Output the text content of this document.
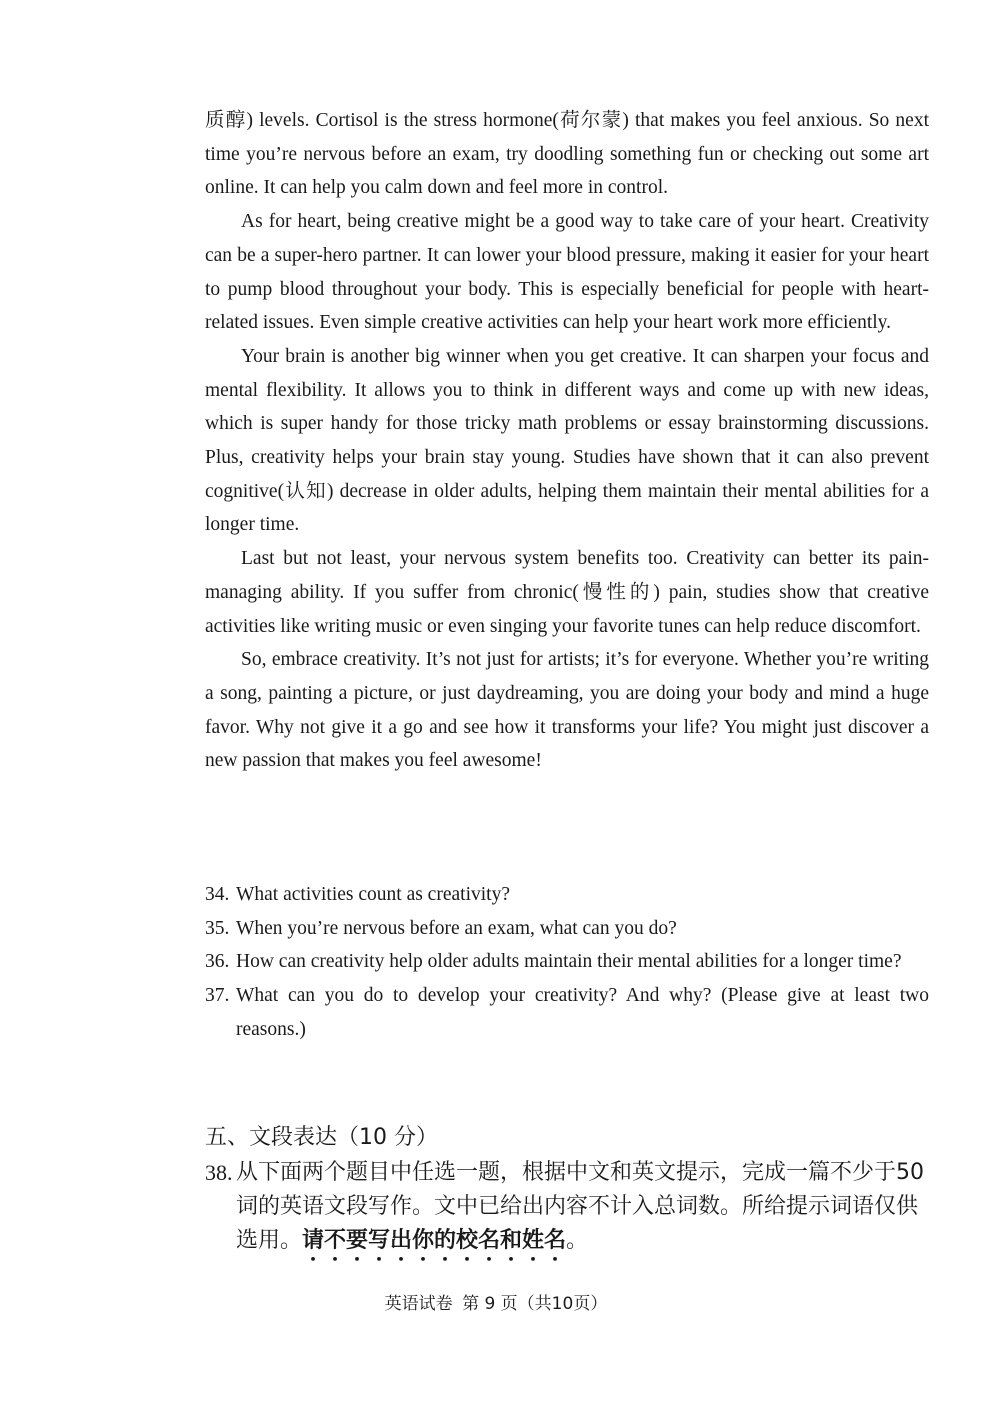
质醇) levels. Cortisol is the stress hormone(荷尔蒙) that makes you feel anxious. So next time you’re nervous before an exam, try doodling something fun or checking out some art online. It can help you calm down and feel more in control.

As for heart, being creative might be a good way to take care of your heart. Creativity can be a super-hero partner. It can lower your blood pressure, making it easier for your heart to pump blood throughout your body. This is especially beneficial for people with heart-related issues. Even simple creative activities can help your heart work more efficiently.

Your brain is another big winner when you get creative. It can sharpen your focus and mental flexibility. It allows you to think in different ways and come up with new ideas, which is super handy for those tricky math problems or essay brainstorming discussions. Plus, creativity helps your brain stay young. Studies have shown that it can also prevent cognitive(认知) decrease in older adults, helping them maintain their mental abilities for a longer time.

Last but not least, your nervous system benefits too. Creativity can better its pain-managing ability. If you suffer from chronic(慢性的) pain, studies show that creative activities like writing music or even singing your favorite tunes can help reduce discomfort.

So, embrace creativity. It’s not just for artists; it’s for everyone. Whether you’re writing a song, painting a picture, or just daydreaming, you are doing your body and mind a huge favor. Why not give it a go and see how it transforms your life? You might just discover a new passion that makes you feel awesome!

34. What activities count as creativity?
35. When you’re nervous before an exam, what can you do?
36. How can creativity help older adults maintain their mental abilities for a longer time?
37. What can you do to develop your creativity? And why? (Please give at least two reasons.)
五、文段表达（10 分）
38. 从下面两个题目中任选一题，根据中文和英文提示，完成一篇不少于50 词的英语文段写作。文中已给出内容不计入总词数。所给提示词语仅供选用。请不要写出你的校名和姓名。
英语试卷 第 9 页（共10页）
